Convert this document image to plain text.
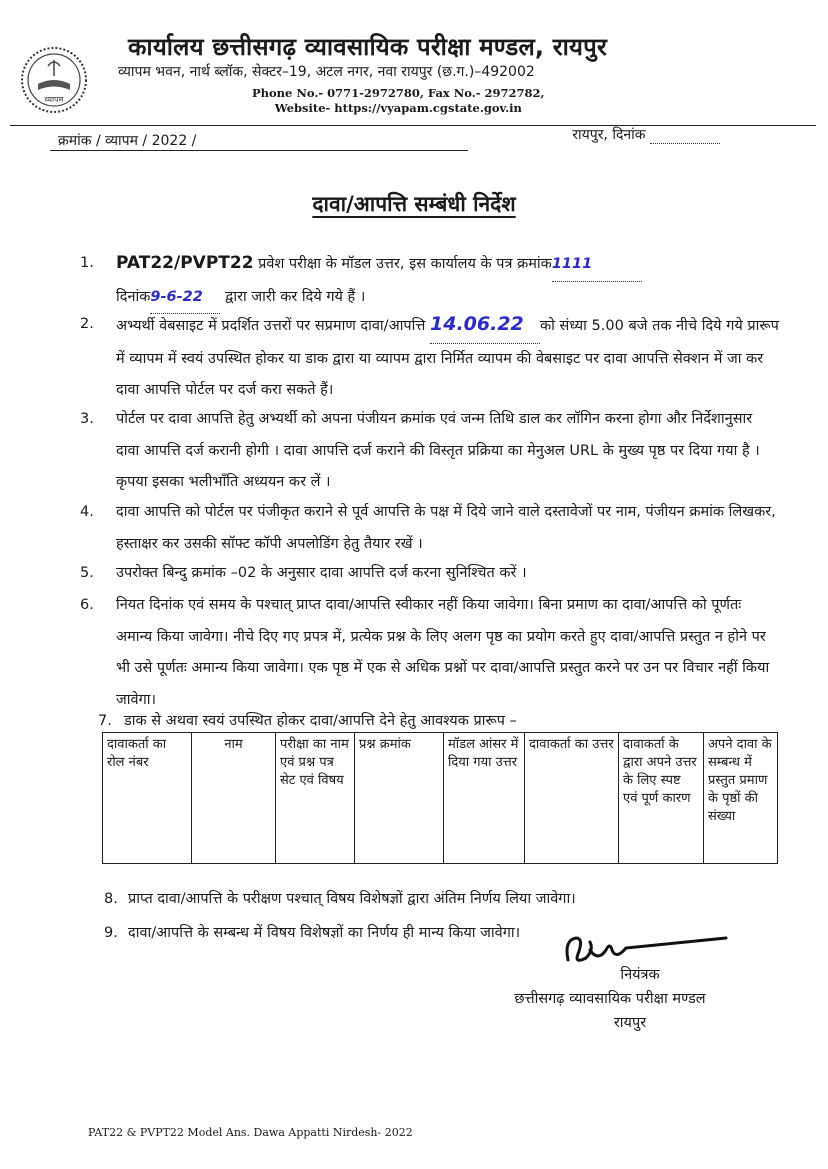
व्यापम
कार्यालय छत्तीसगढ़ व्यावसायिक परीक्षा मण्डल, रायपुर
व्यापम भवन, नार्थ ब्लॉक, सेक्टर–19, अटल नगर, नवा रायपुर (छ.ग.)–492002
Phone No.- 0771-2972780, Fax No.- 2972782,
Website- https://vyapam.cgstate.gov.in
क्रमांक / व्यापम / 2022 /	रायपुर, दिनांक
दावा/आपत्ति सम्बंधी निर्देश
1.	PAT22/PVPT22 प्रवेश परीक्षा के मॉडल उत्तर, इस कार्यालय के पत्र क्रमांक1111
दिनांक9-6-22 द्वारा जारी कर दिये गये हैं ।
2.	अभ्यर्थी वेबसाइट में प्रदर्शित उत्तरों पर सप्रमाण दावा/आपत्ति 14.06.22 को संध्या 5.00 बजे तक नीचे दिये गये प्रारूप में व्यापम में स्वयं उपस्थित होकर या डाक द्वारा या व्यापम द्वारा निर्मित व्यापम की वेबसाइट पर दावा आपत्ति सेक्शन में जा कर दावा आपत्ति पोर्टल पर दर्ज करा सकते हैं।
3.	पोर्टल पर दावा आपत्ति हेतु अभ्यर्थी को अपना पंजीयन क्रमांक एवं जन्म तिथि डाल कर लॉगिन करना होगा और निर्देशानुसार दावा आपत्ति दर्ज करानी होगी । दावा आपत्ति दर्ज कराने की विस्तृत प्रक्रिया का मेनुअल URL के मुख्य पृष्ठ पर दिया गया है । कृपया इसका भलीभाँति अध्ययन कर लें ।
4.	दावा आपत्ति को पोर्टल पर पंजीकृत कराने से पूर्व आपत्ति के पक्ष में दिये जाने वाले दस्तावेजों पर नाम, पंजीयन क्रमांक लिखकर, हस्ताक्षर कर उसकी सॉफ्ट कॉपी अपलोडिंग हेतु तैयार रखें ।
5.	उपरोक्त बिन्दु क्रमांक –02 के अनुसार दावा आपत्ति दर्ज करना सुनिश्चित करें ।
6.	नियत दिनांक एवं समय के पश्चात् प्राप्त दावा/आपत्ति स्वीकार नहीं किया जावेगा। बिना प्रमाण का दावा/आपत्ति को पूर्णतः अमान्य किया जावेगा। नीचे दिए गए प्रपत्र में, प्रत्येक प्रश्न के लिए अलग पृष्ठ का प्रयोग करते हुए दावा/आपत्ति प्रस्तुत न होने पर भी उसे पूर्णतः अमान्य किया जावेगा। एक पृष्ठ में एक से अधिक प्रश्नों पर दावा/आपत्ति प्रस्तुत करने पर उन पर विचार नहीं किया जावेगा।
7. डाक से अथवा स्वयं उपस्थित होकर दावा/आपत्ति देने हेतु आवश्यक प्रारूप –
दावाकर्ता का रोल नंबर	नाम	परीक्षा का नाम एवं प्रश्न पत्र सेट एवं विषय	प्रश्न क्रमांक	मॉडल आंसर में दिया गया उत्तर	दावाकर्ता का उत्तर	दावाकर्ता के द्वारा अपने उत्तर के लिए स्पष्ट एवं पूर्ण कारण	अपने दावा के सम्बन्ध में प्रस्तुत प्रमाण के पृष्ठों की संख्या
8. प्राप्त दावा/आपत्ति के परीक्षण पश्चात् विषय विशेषज्ञों द्वारा अंतिम निर्णय लिया जावेगा।
9. दावा/आपत्ति के सम्बन्ध में विषय विशेषज्ञों का निर्णय ही मान्य किया जावेगा।
नियंत्रक
छत्तीसगढ़ व्यावसायिक परीक्षा मण्डल
रायपुर
PAT22 & PVPT22 Model Ans. Dawa Appatti Nirdesh- 2022
